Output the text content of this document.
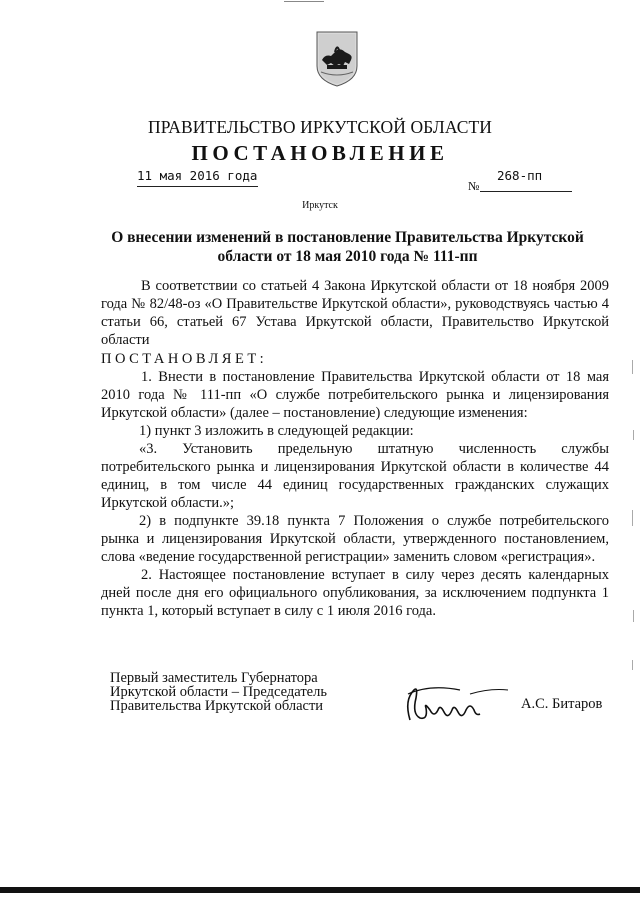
ПРАВИТЕЛЬСТВО ИРКУТСКОЙ ОБЛАСТИ
ПОСТАНОВЛЕНИЕ
11 мая 2016 года
№
268-пп
Иркутск
О внесении изменений в постановление Правительства Иркутской
области от 18 мая 2010 года № 111-пп

В соответствии со статьей 4 Закона Иркутской области от 18 ноября 2009 года № 82/48-оз «О Правительстве Иркутской области», руководствуясь частью 4 статьи 66, статьей 67 Устава Иркутской области, Правительство Иркутской области

ПОСТАНОВЛЯЕТ:

1. Внести в постановление Правительства Иркутской области от 18 мая 2010 года № 111-пп «О службе потребительского рынка и лицензирования Иркутской области» (далее – постановление) следующие изменения:

1) пункт 3 изложить в следующей редакции:

«3. Установить предельную штатную численность службы потребительского рынка и лицензирования Иркутской области в количестве 44 единиц, в том числе 44 единиц государственных гражданских служащих Иркутской области.»;

2) в подпункте 39.18 пункта 7 Положения о службе потребительского рынка и лицензирования Иркутской области, утвержденного постановлением, слова «ведение государственной регистрации» заменить словом «регистрация».

2. Настоящее постановление вступает в силу через десять календарных дней после дня его официального опубликования, за исключением подпункта 1 пункта 1, который вступает в силу с 1 июля 2016 года.

Первый заместитель Губернатора
Иркутской области – Председатель
Правительства Иркутской области	А.С. Битаров
